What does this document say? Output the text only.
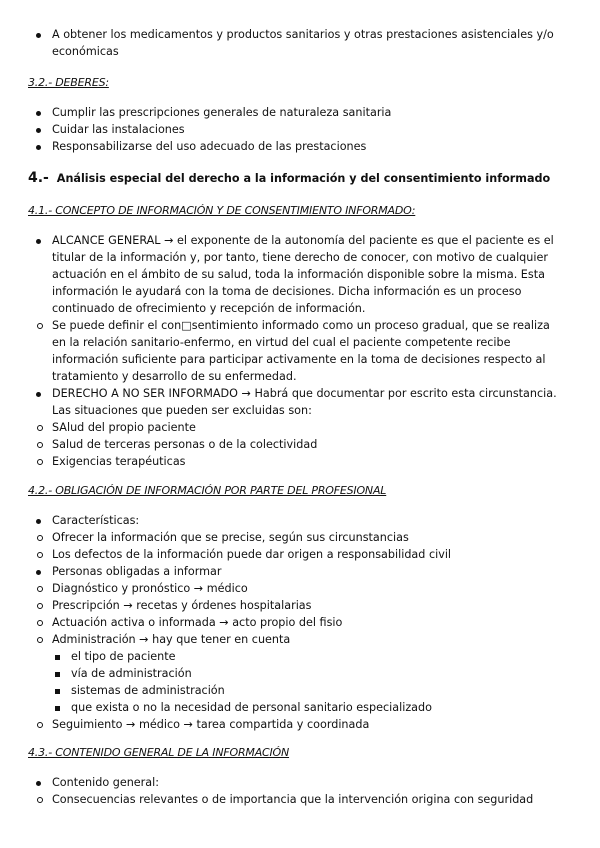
A obtener los medicamentos y productos sanitarios y otras prestaciones asistenciales y/o económicas
3.2.- DEBERES:
Cumplir las prescripciones generales de naturaleza sanitaria
Cuidar las instalaciones
Responsabilizarse del uso adecuado de las prestaciones
4.- Análisis especial del derecho a la información y del consentimiento informado
4.1.- CONCEPTO DE INFORMACIÓN Y DE CONSENTIMIENTO INFORMADO:
ALCANCE GENERAL → el exponente de la autonomía del paciente es que el paciente es el titular de la información y, por tanto, tiene derecho de conocer, con motivo de cualquier actuación en el ámbito de su salud, toda la información disponible sobre la misma. Esta información le ayudará con la toma de decisiones. Dicha información es un proceso continuado de ofrecimiento y recepción de información.
Se puede definir el con□sentimiento informado como un proceso gradual, que se realiza en la relación sanitario-enfermo, en virtud del cual el paciente competente recibe información suficiente para participar activamente en la toma de decisiones respecto al tratamiento y desarrollo de su enfermedad.
DERECHO A NO SER INFORMADO → Habrá que documentar por escrito esta circunstancia. Las situaciones que pueden ser excluidas son:
SAlud del propio paciente
Salud de terceras personas o de la colectividad
Exigencias terapéuticas
4.2.- OBLIGACIÓN DE INFORMACIÓN POR PARTE DEL PROFESIONAL
Características:
Ofrecer la información que se precise, según sus circunstancias
Los defectos de la información puede dar origen a responsabilidad civil
Personas obligadas a informar
Diagnóstico y pronóstico → médico
Prescripción → recetas y órdenes hospitalarias
Actuación activa o informada → acto propio del fisio
Administración → hay que tener en cuenta
el tipo de paciente
vía de administración
sistemas de administración
que exista o no la necesidad de personal sanitario especializado
Seguimiento → médico → tarea compartida y coordinada
4.3.- CONTENIDO GENERAL DE LA INFORMACIÓN
Contenido general:
Consecuencias relevantes o de importancia que la intervención origina con seguridad
